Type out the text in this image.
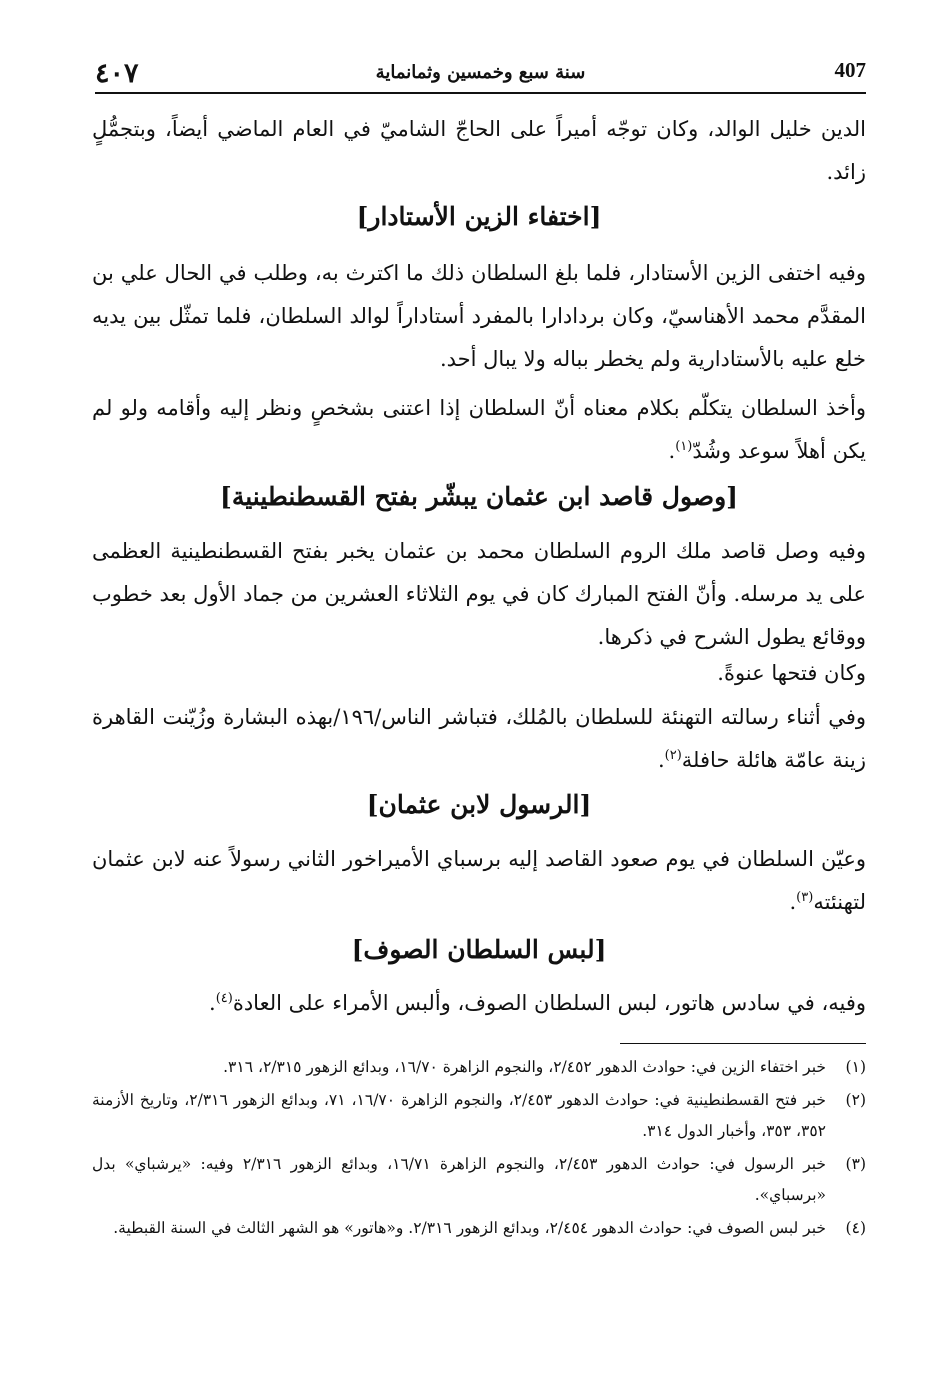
٤٠٧	سنة سبع وخمسين وثمانماية	407

الدين خليل الوالد، وكان توجّه أميراً على الحاجّ الشاميّ في العام الماضي أيضاً، وبتجمُّلٍ زائد.

[اختفاء الزين الأستادار]

وفيه اختفى الزين الأستادار، فلما بلغ السلطان ذلك ما اكترث به، وطلب في الحال علي بن المقدَّم محمد الأهناسيّ، وكان بردادارا بالمفرد أستاداراً لوالد السلطان، فلما تمثّل بين يديه خلع عليه بالأستادارية ولم يخطر بباله ولا يبال أحد.

وأخذ السلطان يتكلّم بكلام معناه أنّ السلطان إذا اعتنى بشخصٍ ونظر إليه وأقامه ولو لم يكن أهلاً سوعد وشُدّ$^{(١)}$.

[وصول قاصد ابن عثمان يبشّر بفتح القسطنطينية]

وفيه وصل قاصد ملك الروم السلطان محمد بن عثمان يخبر بفتح القسطنطينية العظمى على يد مرسله. وأنّ الفتح المبارك كان في يوم الثلاثاء العشرين من جماد الأول بعد خطوب ووقائع يطول الشرح في ذكرها.

وكان فتحها عنوةً.

وفي أثناء رسالته التهنئة للسلطان بالمُلك، فتباشر الناس/١٩٦/بهذه البشارة وزُيّنت القاهرة زينة عامّة هائلة حافلة$^{(٢)}$.

[الرسول لابن عثمان]

وعيّن السلطان في يوم صعود القاصد إليه برسباي الأميراخور الثاني رسولاً عنه لابن عثمان لتهنئته$^{(٣)}$.

[لبس السلطان الصوف]

وفيه، في سادس هاتور، لبس السلطان الصوف، وألبس الأمراء على العادة$^{(٤)}$.

(١)
خبر اختفاء الزين في: حوادث الدهور ٢/٤٥٢، والنجوم الزاهرة ١٦/٧٠، وبدائع الزهور ٢/٣١٥، ٣١٦.
(٢)
خبر فتح القسطنطينية في: حوادث الدهور ٢/٤٥٣، والنجوم الزاهرة ١٦/٧٠، ٧١، وبدائع الزهور ٢/٣١٦، وتاريخ الأزمنة ٣٥٢، ٣٥٣، وأخبار الدول ٣١٤.
(٣)
خبر الرسول في: حوادث الدهور ٢/٤٥٣، والنجوم الزاهرة ١٦/٧١، وبدائع الزهور ٢/٣١٦ وفيه: «يرشباي» بدل «برسباي».
(٤)
خبر لبس الصوف في: حوادث الدهور ٢/٤٥٤، وبدائع الزهور ٢/٣١٦. و«هاتور» هو الشهر الثالث في السنة القبطية.
